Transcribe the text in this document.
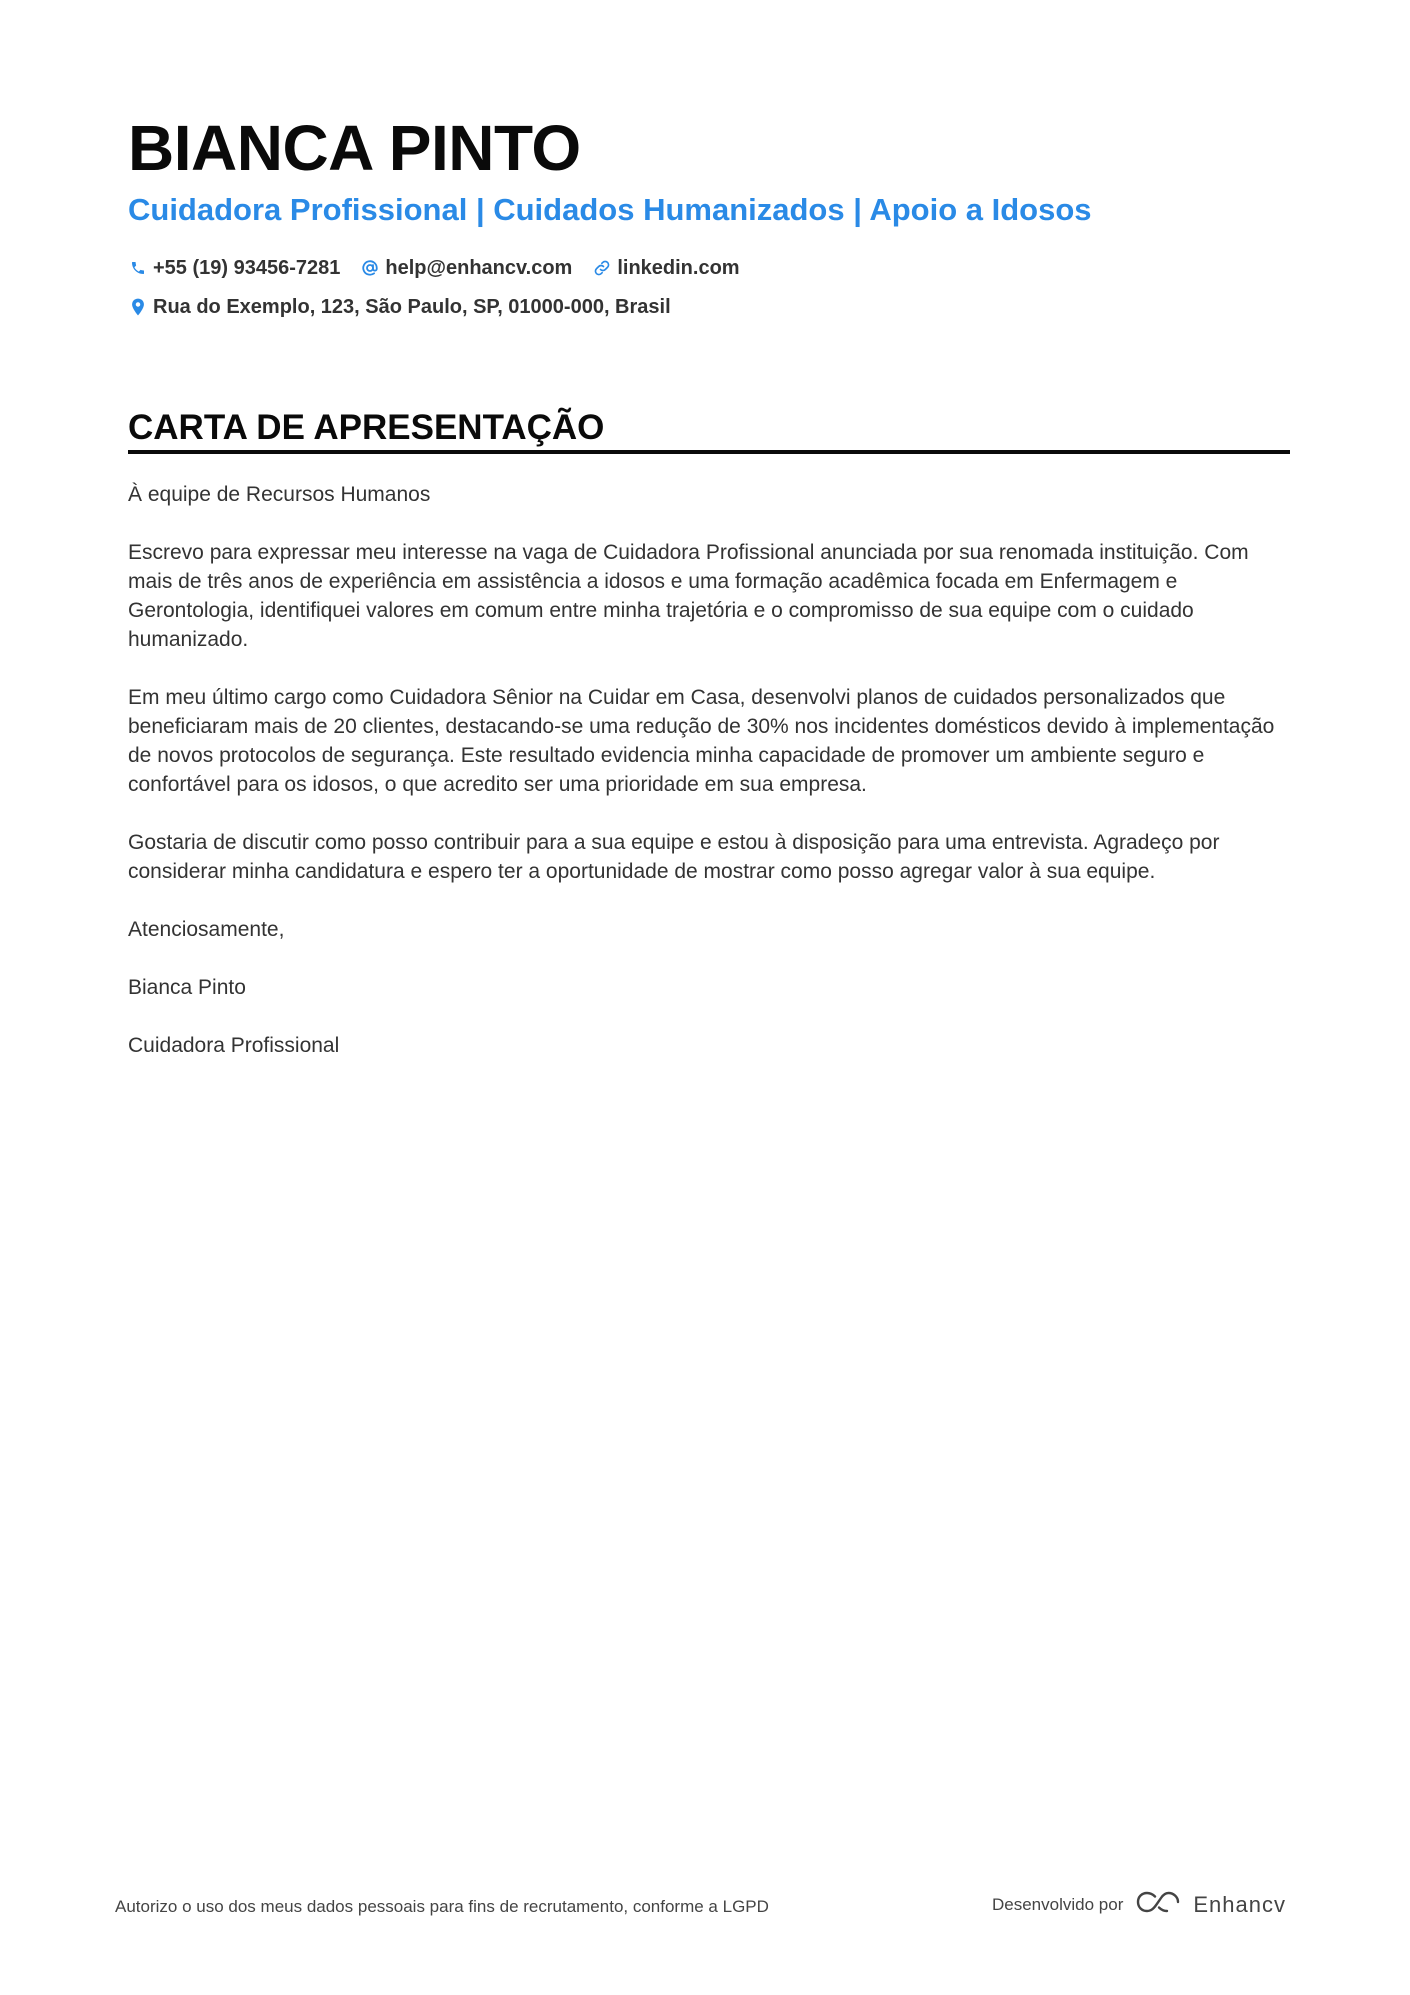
BIANCA PINTO
Cuidadora Profissional | Cuidados Humanizados | Apoio a Idosos
+55 (19) 93456-7281 help@enhancv.com linkedin.com
Rua do Exemplo, 123, São Paulo, SP, 01000-000, Brasil
CARTA DE APRESENTAÇÃO

À equipe de Recursos Humanos

Escrevo para expressar meu interesse na vaga de Cuidadora Profissional anunciada por sua renomada instituição. Com mais de três anos de experiência em assistência a idosos e uma formação acadêmica focada em Enfermagem e Gerontologia, identifiquei valores em comum entre minha trajetória e o compromisso de sua equipe com o cuidado humanizado.

Em meu último cargo como Cuidadora Sênior na Cuidar em Casa, desenvolvi planos de cuidados personalizados que beneficiaram mais de 20 clientes, destacando-se uma redução de 30% nos incidentes domésticos devido à implementação de novos protocolos de segurança. Este resultado evidencia minha capacidade de promover um ambiente seguro e confortável para os idosos, o que acredito ser uma prioridade em sua empresa.

Gostaria de discutir como posso contribuir para a sua equipe e estou à disposição para uma entrevista. Agradeço por considerar minha candidatura e espero ter a oportunidade de mostrar como posso agregar valor à sua equipe.

Atenciosamente,

Bianca Pinto

Cuidadora Profissional

Autorizo o uso dos meus dados pessoais para fins de recrutamento, conforme a LGPD	Desenvolvido por	Enhancv
